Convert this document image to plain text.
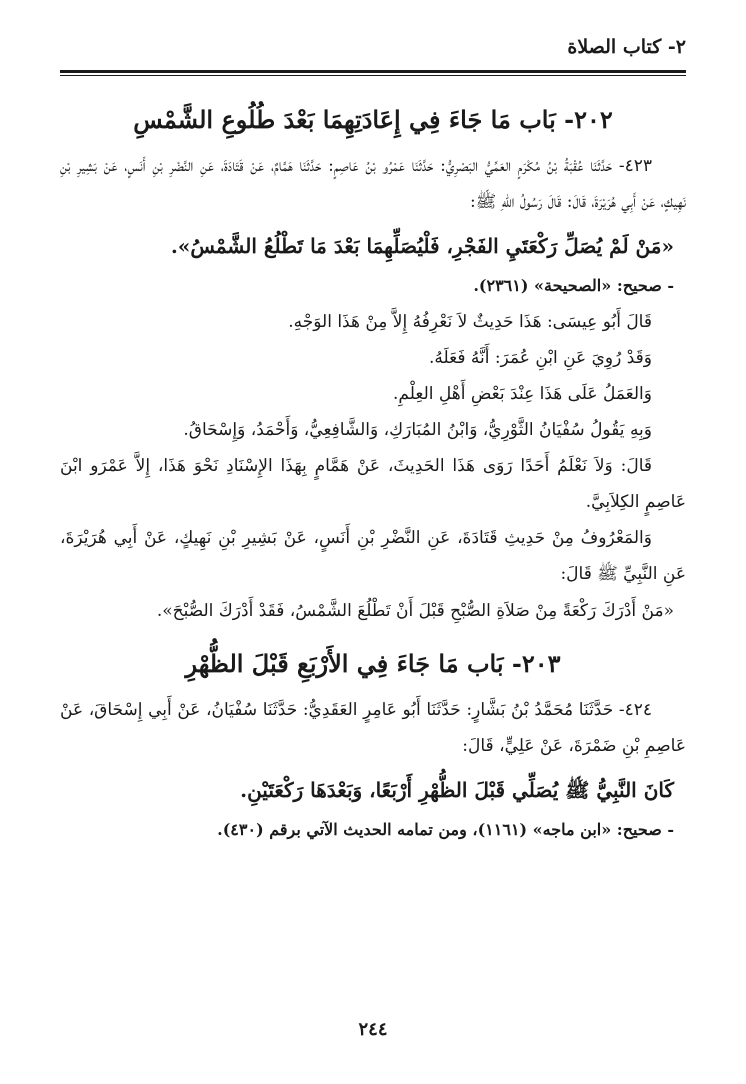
٢- كتاب الصلاة
٢٠٢- بَاب مَا جَاءَ فِي إِعَادَتِهِمَا بَعْدَ طُلُوعِ الشَّمْسِ

٤٢٣- حَدَّثَنَا عُقْبَةُ بْنُ مُكْرَمٍ العَمِّيُّ البَصْرِيُّ: حَدَّثَنَا عَمْرُو بْنُ عَاصِمٍ: حَدَّثَنَا هَمَّامٌ، عَنْ قَتَادَةَ، عَنِ النَّضْرِ بْنِ أَنَسٍ، عَنْ بَشِيرِ بْنِ نَهِيكٍ، عَنْ أَبِي هُرَيْرَةَ، قَالَ: قَالَ رَسُولُ اللهِ ﷺ:

«مَنْ لَمْ يُصَلِّ رَكْعَتَيِ الفَجْرِ، فَلْيُصَلِّهِمَا بَعْدَ مَا تَطْلُعُ الشَّمْسُ».

- صحيح: «الصحيحة» (٢٣٦١).

قَالَ أَبُو عِيسَى: هَذَا حَدِيثٌ لاَ نَعْرِفُهُ إِلاَّ مِنْ هَذَا الوَجْهِ.

وَقَدْ رُوِيَ عَنِ ابْنِ عُمَرَ: أَنَّهُ فَعَلَهُ.

وَالعَمَلُ عَلَى هَذَا عِنْدَ بَعْضِ أَهْلِ العِلْمِ.

وَبِهِ يَقُولُ سُفْيَانُ الثَّوْرِيُّ، وَابْنُ المُبَارَكِ، وَالشَّافِعِيُّ، وَأَحْمَدُ، وَإِسْحَاقُ.

قَالَ: وَلاَ نَعْلَمُ أَحَدًا رَوَى هَذَا الحَدِيثَ، عَنْ هَمَّامٍ بِهَذَا الإِسْنَادِ نَحْوَ هَذَا، إِلاَّ عَمْرَو ابْنَ عَاصِمٍ الكِلاَبِيَّ.

وَالمَعْرُوفُ مِنْ حَدِيثِ قَتَادَةَ، عَنِ النَّضْرِ بْنِ أَنَسٍ، عَنْ بَشِيرِ بْنِ نَهِيكٍ، عَنْ أَبِي هُرَيْرَةَ، عَنِ النَّبِيِّ ﷺ قَالَ:

«مَنْ أَدْرَكَ رَكْعَةً مِنْ صَلاَةِ الصُّبْحِ قَبْلَ أَنْ تَطْلُعَ الشَّمْسُ، فَقَدْ أَدْرَكَ الصُّبْحَ».

٢٠٣- بَاب مَا جَاءَ فِي الأَرْبَعِ قَبْلَ الظُّهْرِ

٤٢٤- حَدَّثَنَا مُحَمَّدُ بْنُ بَشَّارٍ: حَدَّثَنَا أَبُو عَامِرٍ العَقَدِيُّ: حَدَّثَنَا سُفْيَانُ، عَنْ أَبِي إِسْحَاقَ، عَنْ عَاصِمِ بْنِ ضَمْرَةَ، عَنْ عَلِيٍّ، قَالَ:

كَانَ النَّبِيُّ ﷺ يُصَلِّي قَبْلَ الظُّهْرِ أَرْبَعًا، وَبَعْدَهَا رَكْعَتَيْنِ.

- صحيح: «ابن ماجه» (١١٦١)، ومن تمامه الحديث الآتي برقم (٤٣٠).

٢٤٤
